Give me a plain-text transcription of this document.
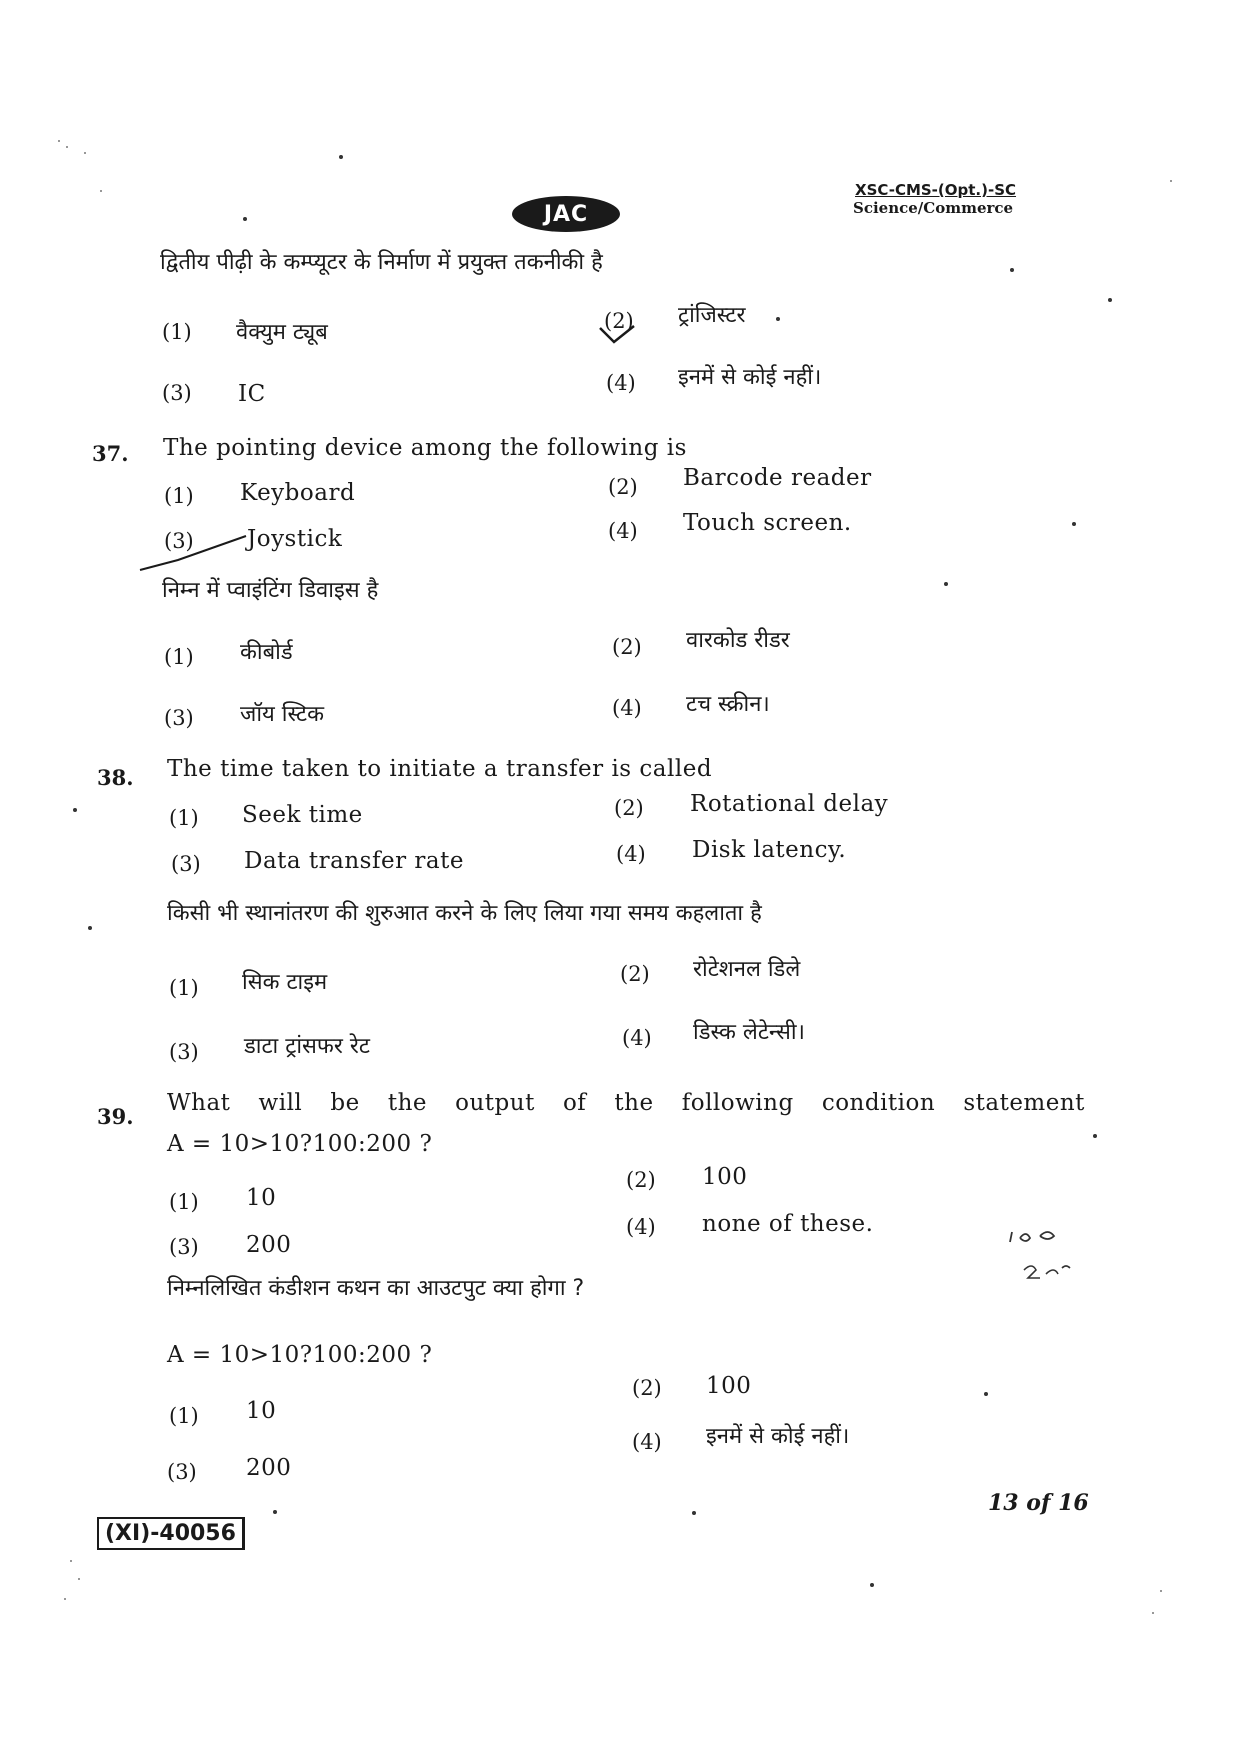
JAC
XSC-CMS-(Opt.)-SC
Science/Commerce
द्वितीय पीढ़ी के कम्प्यूटर के निर्माण में प्रयुक्त तकनीकी है
(1) वैक्युम ट्यूब	(2) ट्रांजिस्टर
(3) IC	(4) इनमें से कोई नहीं।
37. The pointing device among the following is
(1) Keyboard	(2) Barcode reader
(3) Joystick	(4) Touch screen.
निम्न में प्वाइंटिंग डिवाइस है
(1) कीबोर्ड	(2) वारकोड रीडर
(3) जॉय स्टिक	(4) टच स्क्रीन।
38. The time taken to initiate a transfer is called
(1) Seek time	(2) Rotational delay
(3) Data transfer rate	(4) Disk latency.
किसी भी स्थानांतरण की शुरुआत करने के लिए लिया गया समय कहलाता है
(1) सिक टाइम	(2) रोटेशनल डिले
(3) डाटा ट्रांसफर रेट	(4) डिस्क लेटेन्सी।
39.
What will be the output of the following condition statement
A = 10>10?100:200 ?
(1) 10
(2) 100
(3) 200
(4) none of these.
निम्नलिखित कंडीशन कथन का आउटपुट क्या होगा ?
A = 10>10?100:200 ?
(1) 10
(2) 100
(3) 200
(4) इनमें से कोई नहीं।
13 of 16
(XI)-40056
